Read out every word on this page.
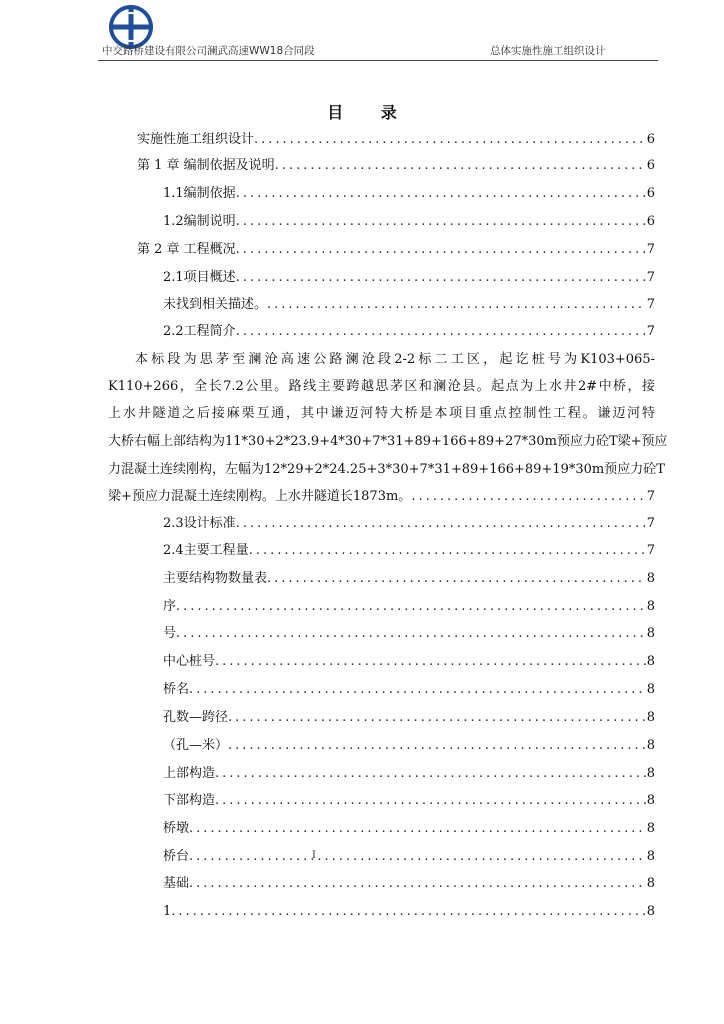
中交路桥建设有限公司澜武高速WW18合同段	总体实施性施工组织设计
目 录
实施性施工组织设计 .....	6
第 1 章 编制依据及说明 .....	6
1.1编制依据 .....	6
1.2编制说明 .....	6
第 2 章 工程概况 .....	7
2.1项目概述 .....	7
未找到相关描述。 .....	7
2.2工程简介 .....	7
本标段为思茅至澜沧高速公路澜沧段2-2标二工区，起讫桩号为K103+065-
K110+266，全长7.2公里。路线主要跨越思茅区和澜沧县。起点为上水井2#中桥，接
上水井隧道之后接麻栗互通，其中谦迈河特大桥是本项目重点控制性工程。谦迈河特
大桥右幅上部结构为11*30+2*23.9+4*30+7*31+89+166+89+27*30m预应力砼T梁+预应
力混凝土连续刚构，左幅为12*29+2*24.25+3*30+7*31+89+166+89+19*30m预应力砼T
梁+预应力混凝土连续刚构。上水井隧道长1873m。 .....	7
2.3设计标准 .....	7
2.4主要工程量 .....	7
主要结构物数量表 .....	8
序 .....	8
号 .....	8
中心桩号 .....	8
桥名 .....	8
孔数—跨径 .....	8
（孔—米） .....	8
上部构造 .....	8
下部构造 .....	8
桥墩 .....	8
桥台 .....	8
基础 .....	8
1 .....	8
I
